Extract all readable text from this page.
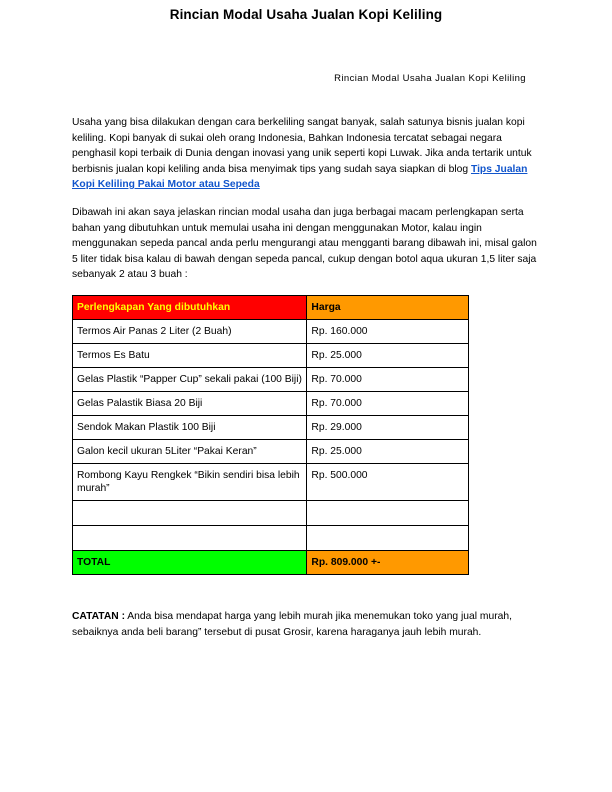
Rincian Modal Usaha Jualan Kopi Keliling
Rincian Modal Usaha Jualan Kopi Keliling
Usaha yang bisa dilakukan dengan cara berkeliling sangat banyak, salah satunya bisnis jualan kopi keliling. Kopi banyak di sukai oleh orang Indonesia, Bahkan Indonesia tercatat sebagai negara penghasil kopi terbaik di Dunia dengan inovasi yang unik seperti kopi Luwak. Jika anda tertarik untuk berbisnis jualan kopi keliling anda bisa menyimak tips yang sudah saya siapkan di blog Tips Jualan Kopi Keliling Pakai Motor atau Sepeda
Dibawah ini akan saya jelaskan rincian modal usaha dan juga berbagai macam perlengkapan serta bahan yang dibutuhkan untuk memulai usaha ini dengan menggunakan Motor, kalau ingin menggunakan sepeda pancal anda perlu mengurangi atau mengganti barang dibawah ini, misal galon 5 liter tidak bisa kalau di bawah dengan sepeda pancal, cukup dengan botol aqua ukuran 1,5 liter saja sebanyak 2 atau 3 buah :
Perlengkapan Yang dibutuhkan	Harga
Termos Air Panas 2 Liter (2 Buah)	Rp. 160.000
Termos Es Batu	Rp. 25.000
Gelas Plastik “Papper Cup” sekali pakai (100 Biji)	Rp. 70.000
Gelas Palastik Biasa 20 Biji	Rp. 70.000
Sendok Makan Plastik 100 Biji	Rp. 29.000
Galon kecil ukuran 5Liter “Pakai Keran”	Rp. 25.000
Rombong Kayu Rengkek “Bikin sendiri bisa lebih murah”	Rp. 500.000

TOTAL	Rp. 809.000 +-
CATATAN : Anda bisa mendapat harga yang lebih murah jika menemukan toko yang jual murah, sebaiknya anda beli barang” tersebut di pusat Grosir, karena haraganya jauh lebih murah.
